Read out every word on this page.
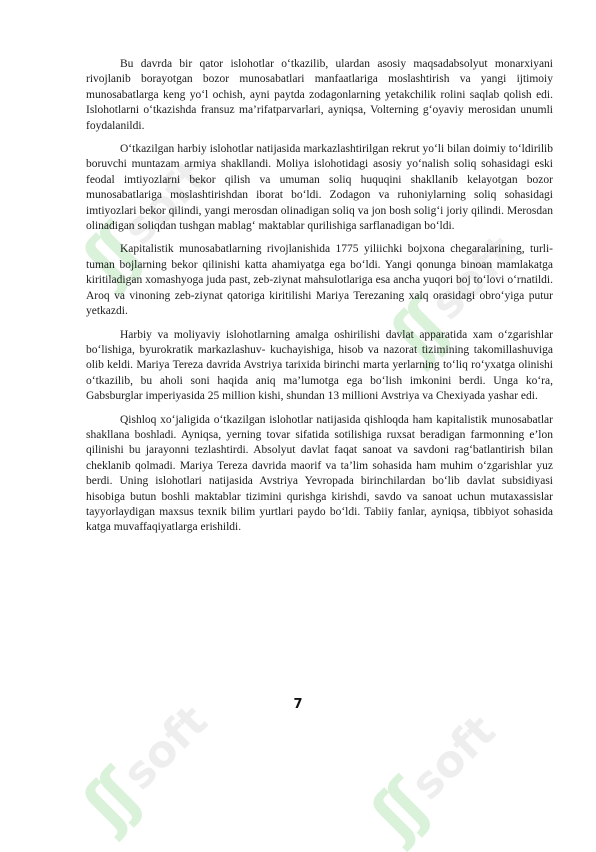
ʃʃ
soft
ʃʃ
soft
ʃʃ
soft
ʃʃ
soft

Bu davrda bir qator islohotlar o‘tkazilib, ulardan asosiy maqsadabsolyut monarxiyani rivojlanib borayotgan bozor munosabatlari manfaatlariga moslashtirish va yangi ijtimoiy munosabatlarga keng yo‘l ochish, ayni paytda zodagonlarning yetakchilik rolini saqlab qolish edi. Islohotlarni o‘tkazishda fransuz ma’rifatparvarlari, ayniqsa, Volterning g‘oyaviy merosidan unumli foydalanildi.

O‘tkazilgan harbiy islohotlar natijasida markazlashtirilgan rekrut yo‘li bilan doimiy to‘ldirilib boruvchi muntazam armiya shakllandi. Moliya islohotidagi asosiy yo‘nalish soliq sohasidagi eski feodal imtiyozlarni bekor qilish va umuman soliq huquqini shakllanib kelayotgan bozor munosabatlariga moslashtirishdan iborat bo‘ldi. Zodagon va ruhoniylarning soliq sohasidagi imtiyozlari bekor qilindi, yangi merosdan olinadigan soliq va jon bosh solig‘i joriy qilindi. Merosdan olinadigan soliqdan tushgan mablag‘ maktablar qurilishiga sarflanadigan bo‘ldi.

Kapitalistik munosabatlarning rivojlanishida 1775 yiliichki bojxona chegaralarining, turli-tuman bojlarning bekor qilinishi katta ahamiyatga ega bo‘ldi. Yangi qonunga binoan mamlakatga kiritiladigan xomashyoga juda past, zeb-ziynat mahsulotlariga esa ancha yuqori boj to‘lovi o‘rnatildi. Aroq va vinoning zeb-ziynat qatoriga kiritilishi Mariya Terezaning xalq orasidagi obro‘yiga putur yetkazdi.

Harbiy va moliyaviy islohotlarning amalga oshirilishi davlat apparatida xam o‘zgarishlar bo‘lishiga, byurokratik markazlashuv- kuchayishiga, hisob va nazorat tizimining takomillashuviga olib keldi. Mariya Tereza davrida Avstriya tarixida birinchi marta yerlarning to‘liq ro‘yxatga olinishi o‘tkazilib, bu aholi soni haqida aniq ma’lumotga ega bo‘lish imkonini berdi. Unga ko‘ra, Gabsburglar imperiyasida 25 million kishi, shundan 13 millioni Avstriya va Chexiyada yashar edi.

Qishloq xo‘jaligida o‘tkazilgan islohotlar natijasida qishloqda ham kapitalistik munosabatlar shakllana boshladi. Ayniqsa, yerning tovar sifatida sotilishiga ruxsat beradigan farmonning e’lon qilinishi bu jarayonni tezlashtirdi. Absolyut davlat faqat sanoat va savdoni rag‘batlantirish bilan cheklanib qolmadi. Mariya Tereza davrida maorif va ta’lim sohasida ham muhim o‘zgarishlar yuz berdi. Uning islohotlari natijasida Avstriya Yevropada birinchilardan bo‘lib davlat subsidiyasi hisobiga butun boshli maktablar tizimini qurishga kirishdi, savdo va sanoat uchun mutaxassislar tayyorlaydigan maxsus texnik bilim yurtlari paydo bo‘ldi. Tabiiy fanlar, ayniqsa, tibbiyot sohasida katga muvaffaqiyatlarga erishildi.

7
